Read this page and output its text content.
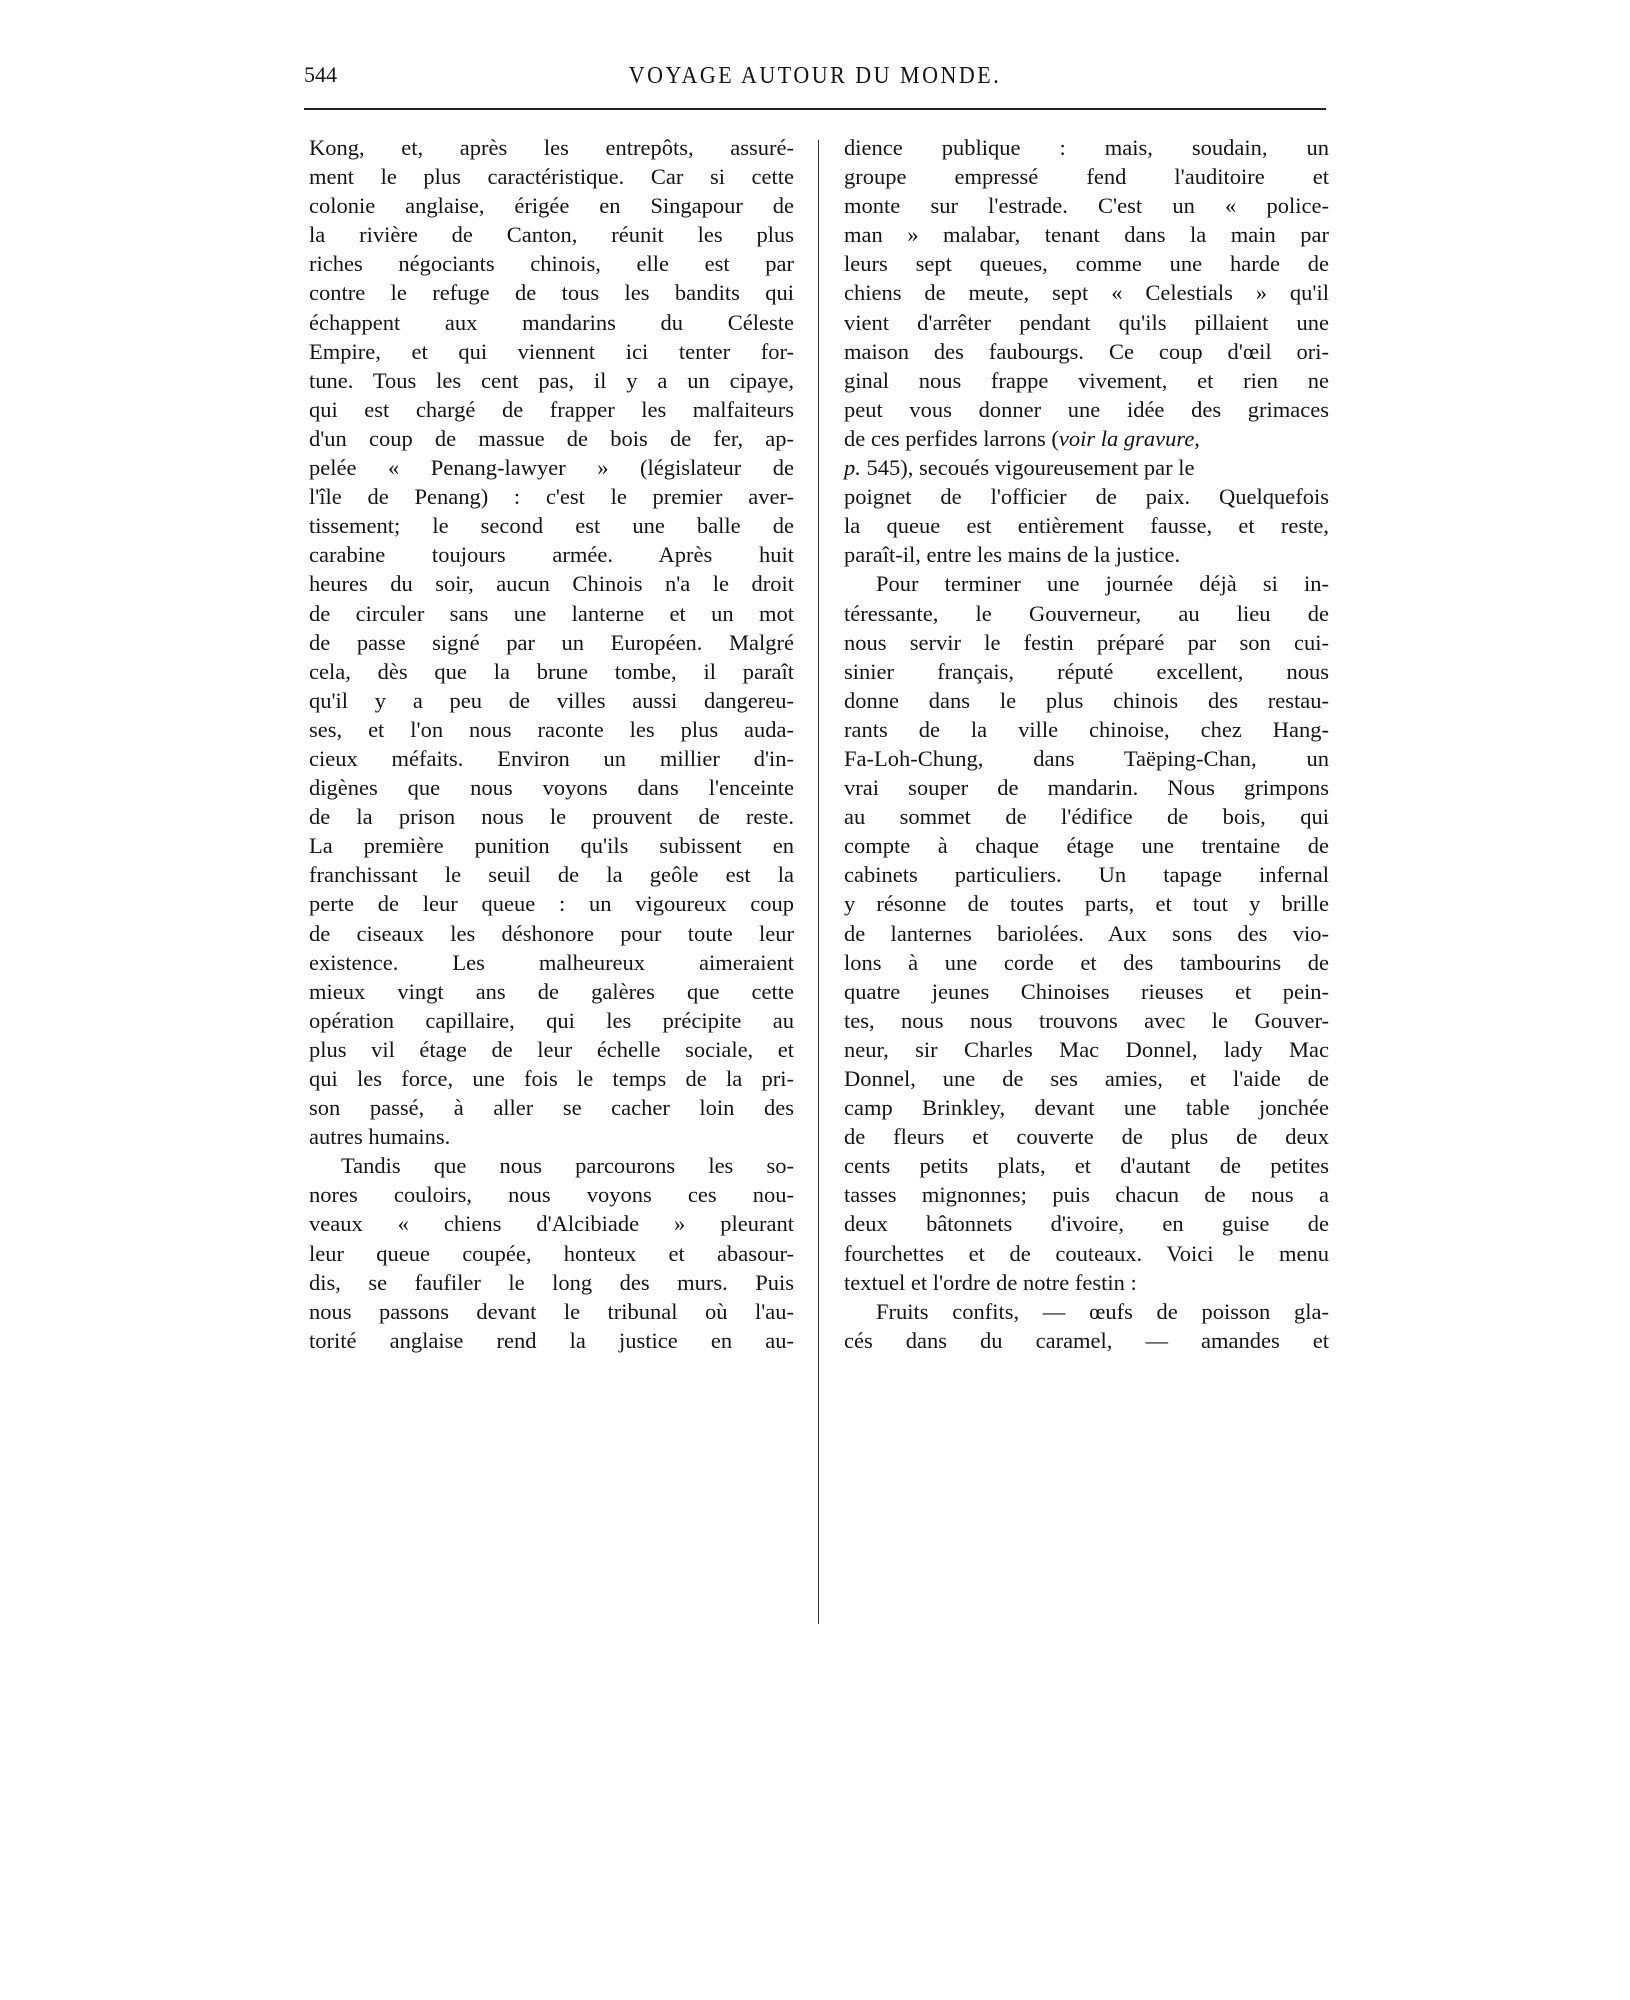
544	VOYAGE AUTOUR DU MONDE.
Kong, et, après les entrepôts, assuré-
ment le plus caractéristique. Car si cette
colonie anglaise, érigée en Singapour de
la rivière de Canton, réunit les plus
riches négociants chinois, elle est par
contre le refuge de tous les bandits qui
échappent aux mandarins du Céleste
Empire, et qui viennent ici tenter for-
tune. Tous les cent pas, il y a un cipaye,
qui est chargé de frapper les malfaiteurs
d'un coup de massue de bois de fer, ap-
pelée « Penang-lawyer » (législateur de
l'île de Penang) : c'est le premier aver-
tissement; le second est une balle de
carabine toujours armée. Après huit
heures du soir, aucun Chinois n'a le droit
de circuler sans une lanterne et un mot
de passe signé par un Européen. Malgré
cela, dès que la brune tombe, il paraît
qu'il y a peu de villes aussi dangereu-
ses, et l'on nous raconte les plus auda-
cieux méfaits. Environ un millier d'in-
digènes que nous voyons dans l'enceinte
de la prison nous le prouvent de reste.
La première punition qu'ils subissent en
franchissant le seuil de la geôle est la
perte de leur queue : un vigoureux coup
de ciseaux les déshonore pour toute leur
existence. Les malheureux aimeraient
mieux vingt ans de galères que cette
opération capillaire, qui les précipite au
plus vil étage de leur échelle sociale, et
qui les force, une fois le temps de la pri-
son passé, à aller se cacher loin des
autres humains.
Tandis que nous parcourons les so-
nores couloirs, nous voyons ces nou-
veaux « chiens d'Alcibiade » pleurant
leur queue coupée, honteux et abasour-
dis, se faufiler le long des murs. Puis
nous passons devant le tribunal où l'au-
torité anglaise rend la justice en au-
dience publique : mais, soudain, un
groupe empressé fend l'auditoire et
monte sur l'estrade. C'est un « police-
man » malabar, tenant dans la main par
leurs sept queues, comme une harde de
chiens de meute, sept « Celestials » qu'il
vient d'arrêter pendant qu'ils pillaient une
maison des faubourgs. Ce coup d'œil ori-
ginal nous frappe vivement, et rien ne
peut vous donner une idée des grimaces
de ces perfides larrons (voir la gravure,
p. 545), secoués vigoureusement par le
poignet de l'officier de paix. Quelquefois
la queue est entièrement fausse, et reste,
paraît-il, entre les mains de la justice.
Pour terminer une journée déjà si in-
téressante, le Gouverneur, au lieu de
nous servir le festin préparé par son cui-
sinier français, réputé excellent, nous
donne dans le plus chinois des restau-
rants de la ville chinoise, chez Hang-
Fa-Loh-Chung, dans Taëping-Chan, un
vrai souper de mandarin. Nous grimpons
au sommet de l'édifice de bois, qui
compte à chaque étage une trentaine de
cabinets particuliers. Un tapage infernal
y résonne de toutes parts, et tout y brille
de lanternes bariolées. Aux sons des vio-
lons à une corde et des tambourins de
quatre jeunes Chinoises rieuses et pein-
tes, nous nous trouvons avec le Gouver-
neur, sir Charles Mac Donnel, lady Mac
Donnel, une de ses amies, et l'aide de
camp Brinkley, devant une table jonchée
de fleurs et couverte de plus de deux
cents petits plats, et d'autant de petites
tasses mignonnes; puis chacun de nous a
deux bâtonnets d'ivoire, en guise de
fourchettes et de couteaux. Voici le menu
textuel et l'ordre de notre festin :
Fruits confits, — œufs de poisson gla-
cés dans du caramel, — amandes et
